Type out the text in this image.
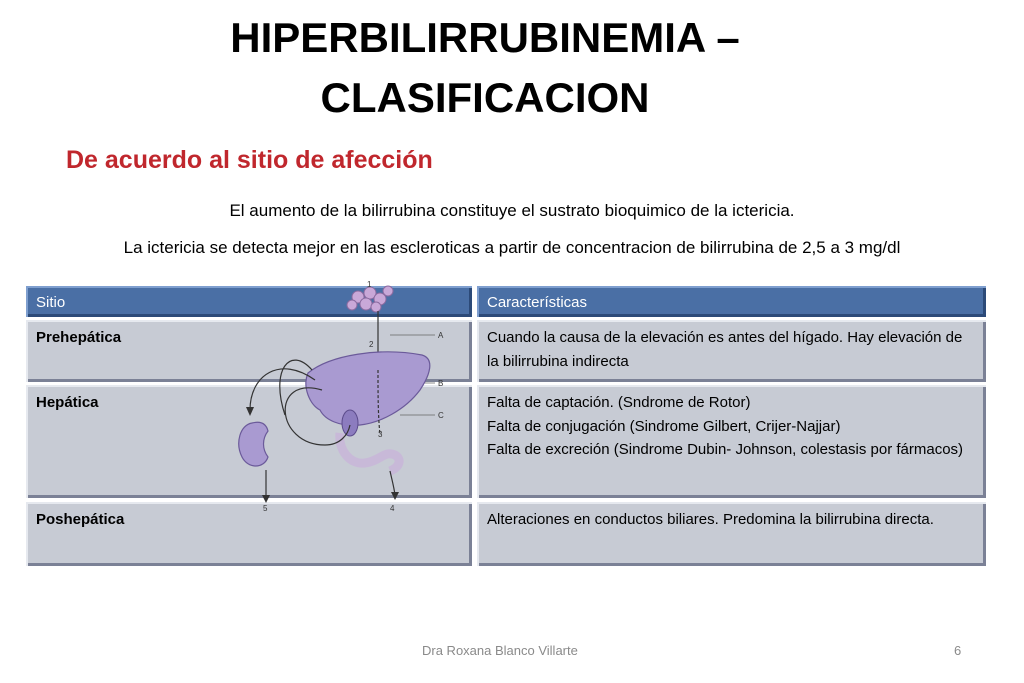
HIPERBILIRRUBINEMIA –
CLASIFICACION
De acuerdo al sitio de afección
El aumento de la bilirrubina constituye el sustrato bioquimico de la ictericia.
La ictericia se detecta mejor en las escleroticas a partir de concentracion de bilirrubina de 2,5 a 3 mg/dl
Sitio	Características
Prehepática	Cuando la causa de la elevación es antes del hígado. Hay elevación de la bilirrubina indirecta
Hepática	Falta de captación. (Sndrome de Rotor)
Falta de conjugación (Sindrome Gilbert, Crijer-Najjar)
Falta de excreción (Sindrome Dubin- Johnson, colestasis por fármacos)
Poshepática	Alteraciones en conductos biliares. Predomina la bilirrubina directa.
1
2
3
4
5
A
B
C
Dra Roxana Blanco Villarte	6
